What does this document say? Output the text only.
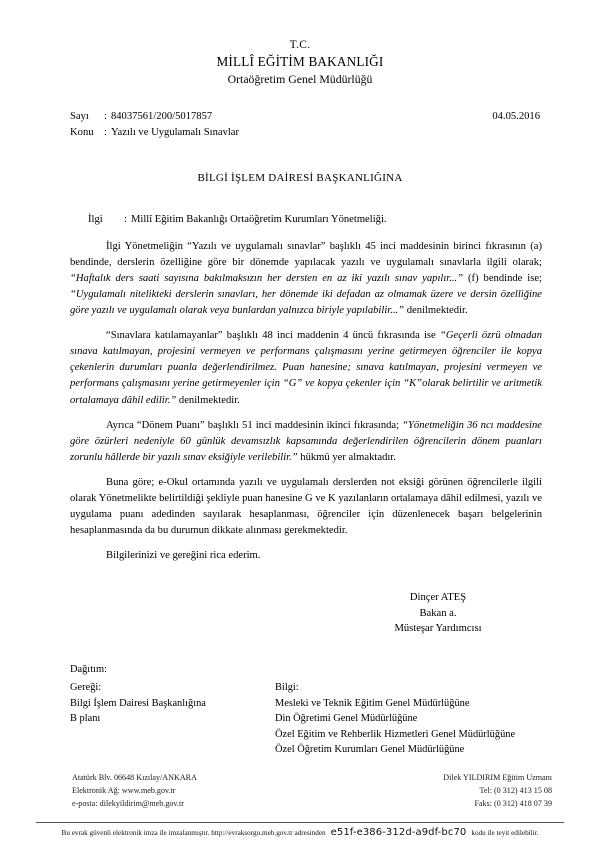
T.C.
MİLLÎ EĞİTİM BAKANLIĞI
Ortaöğretim Genel Müdürlüğü
Sayı	: 84037561/200/5017857	04.05.2016
Konu : Yazılı ve Uygulamalı Sınavlar
BİLGİ İŞLEM DAİRESİ BAŞKANLIĞINA
İlgi	: Millî Eğitim Bakanlığı Ortaöğretim Kurumları Yönetmeliği.

İlgi Yönetmeliğin “Yazılı ve uygulamalı sınavlar” başlıklı 45 inci maddesinin birinci fıkrasının (a) bendinde, derslerin özelliğine göre bir dönemde yapılacak yazılı ve uygulamalı sınavlarla ilgili olarak; “Haftalık ders saati sayısına bakılmaksızın her dersten en az iki yazılı sınav yapılır...” (f) bendinde ise; “Uygulamalı nitelikteki derslerin sınavları, her dönemde iki defadan az olmamak üzere ve dersin özelliğine göre yazılı ve uygulamalı olarak veya bunlardan yalnızca biriyle yapılabilir...” denilmektedir.

“Sınavlara katılamayanlar” başlıklı 48 inci maddenin 4 üncü fıkrasında ise “Geçerli özrü olmadan sınava katılmayan, projesini vermeyen ve performans çalışmasını yerine getirmeyen öğrenciler ile kopya çekenlerin durumları puanla değerlendirilmez. Puan hanesine; sınava katılmayan, projesini vermeyen ve performans çalışmasını yerine getirmeyenler için “G” ve kopya çekenler için “K”olarak belirtilir ve aritmetik ortalamaya dâhil edilir.” denilmektedir.

Ayrıca “Dönem Puanı” başlıklı 51 inci maddesinin ikinci fıkrasında; “Yönetmeliğin 36 ncı maddesine göre özürleri nedeniyle 60 günlük devamsızlık kapsamında değerlendirilen öğrencilerin dönem puanları zorunlu hâllerde bir yazılı sınav eksiğiyle verilebilir.” hükmü yer almaktadır.

Buna göre; e-Okul ortamında yazılı ve uygulamalı derslerden not eksiği görünen öğrencilerle ilgili olarak Yönetmelikte belirtildiği şekliyle puan hanesine G ve K yazılanların ortalamaya dâhil edilmesi, yazılı ve uygulama puanı adedinden sayılarak hesaplanması, öğrenciler için düzenlenecek başarı belgelerinin hesaplanmasında da bu durumun dikkate alınması gerekmektedir.

Bilgilerinizi ve gereğini rica ederim.

Dinçer ATEŞ
Bakan a.
Müsteşar Yardımcısı
Dağıtım:
Gereği:
Bilgi İşlem Dairesi Başkanlığına
B planı
Bilgi:
Mesleki ve Teknik Eğitim Genel Müdürlüğüne
Din Öğretimi Genel Müdürlüğüne
Özel Eğitim ve Rehberlik Hizmetleri Genel Müdürlüğüne
Özel Öğretim Kurumları Genel Müdürlüğüne
Atatürk Blv. 06648 Kızılay/ANKARA
Elektronik Ağ: www.meb.gov.tr
e-posta: dilekyildirim@meb.gov.tr
Dilek YILDIRIM Eğitim Uzmanı
Tel: (0 312) 413 15 08
Faks: (0 312) 418 07 39
Bu evrak güvenli elektronik imza ile imzalanmıştır. http://evraksorgu.meb.gov.tr adresinden e51f-e386-312d-a9df-bc70 kodu ile teyit edilebilir.
